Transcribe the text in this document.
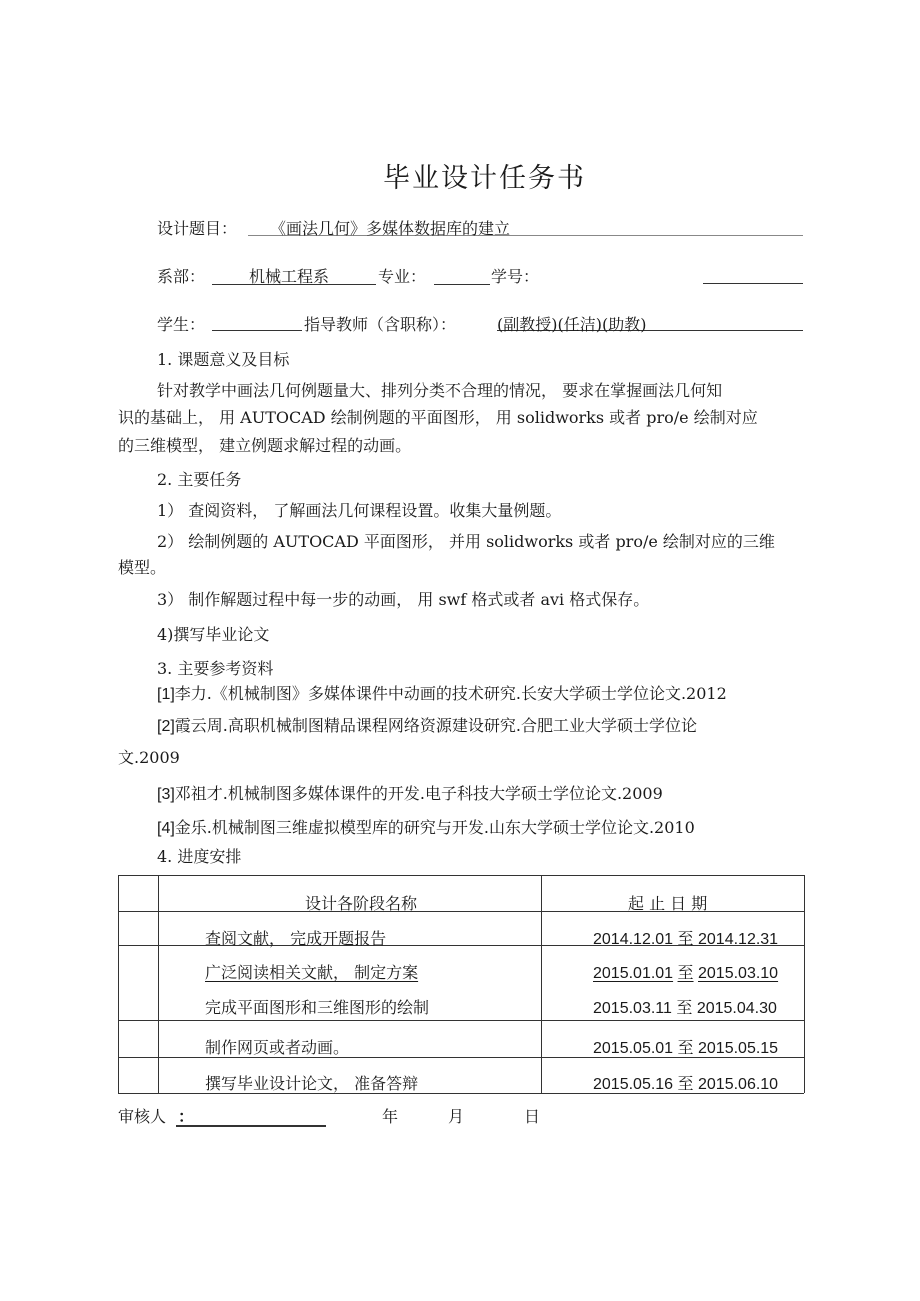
毕业设计任务书
设计题目： 《画法几何》多媒体数据库的建立
系部：	机械工程系	专业：	学号：
学生：	指导教师（含职称）：	(副教授)(任洁)(助教)
1. 课题意义及目标
针对教学中画法几何例题量大、排列分类不合理的情况， 要求在掌握画法几何知
识的基础上， 用 AUTOCAD 绘制例题的平面图形， 用 solidworks 或者 pro/e 绘制对应
的三维模型， 建立例题求解过程的动画。
2. 主要任务
1） 查阅资料， 了解画法几何课程设置。收集大量例题。
2） 绘制例题的 AUTOCAD 平面图形， 并用 solidworks 或者 pro/e 绘制对应的三维
模型。
3） 制作解题过程中每一步的动画， 用 swf 格式或者 avi 格式保存。
4)撰写毕业论文
3. 主要参考资料
[1]李力.《机械制图》多媒体课件中动画的技术研究.长安大学硕士学位论文.2012
[2]霞云周.高职机械制图精品课程网络资源建设研究.合肥工业大学硕士学位论
文.2009
[3]邓祖才.机械制图多媒体课件的开发.电子科技大学硕士学位论文.2009
[4]金乐.机械制图三维虚拟模型库的研究与开发.山东大学硕士学位论文.2010
4. 进度安排
设计各阶段名称	起 止 日 期
查阅文献， 完成开题报告	2014.12.01 至 2014.12.31
广泛阅读相关文献， 制定方案	2015.01.01 至 2015.03.10
完成平面图形和三维图形的绘制	2015.03.11 至 2015.04.30
制作网页或者动画。	2015.05.01 至 2015.05.15
撰写毕业设计论文， 准备答辩	2015.05.16 至 2015.06.10
审核人 ：	年	月	日
